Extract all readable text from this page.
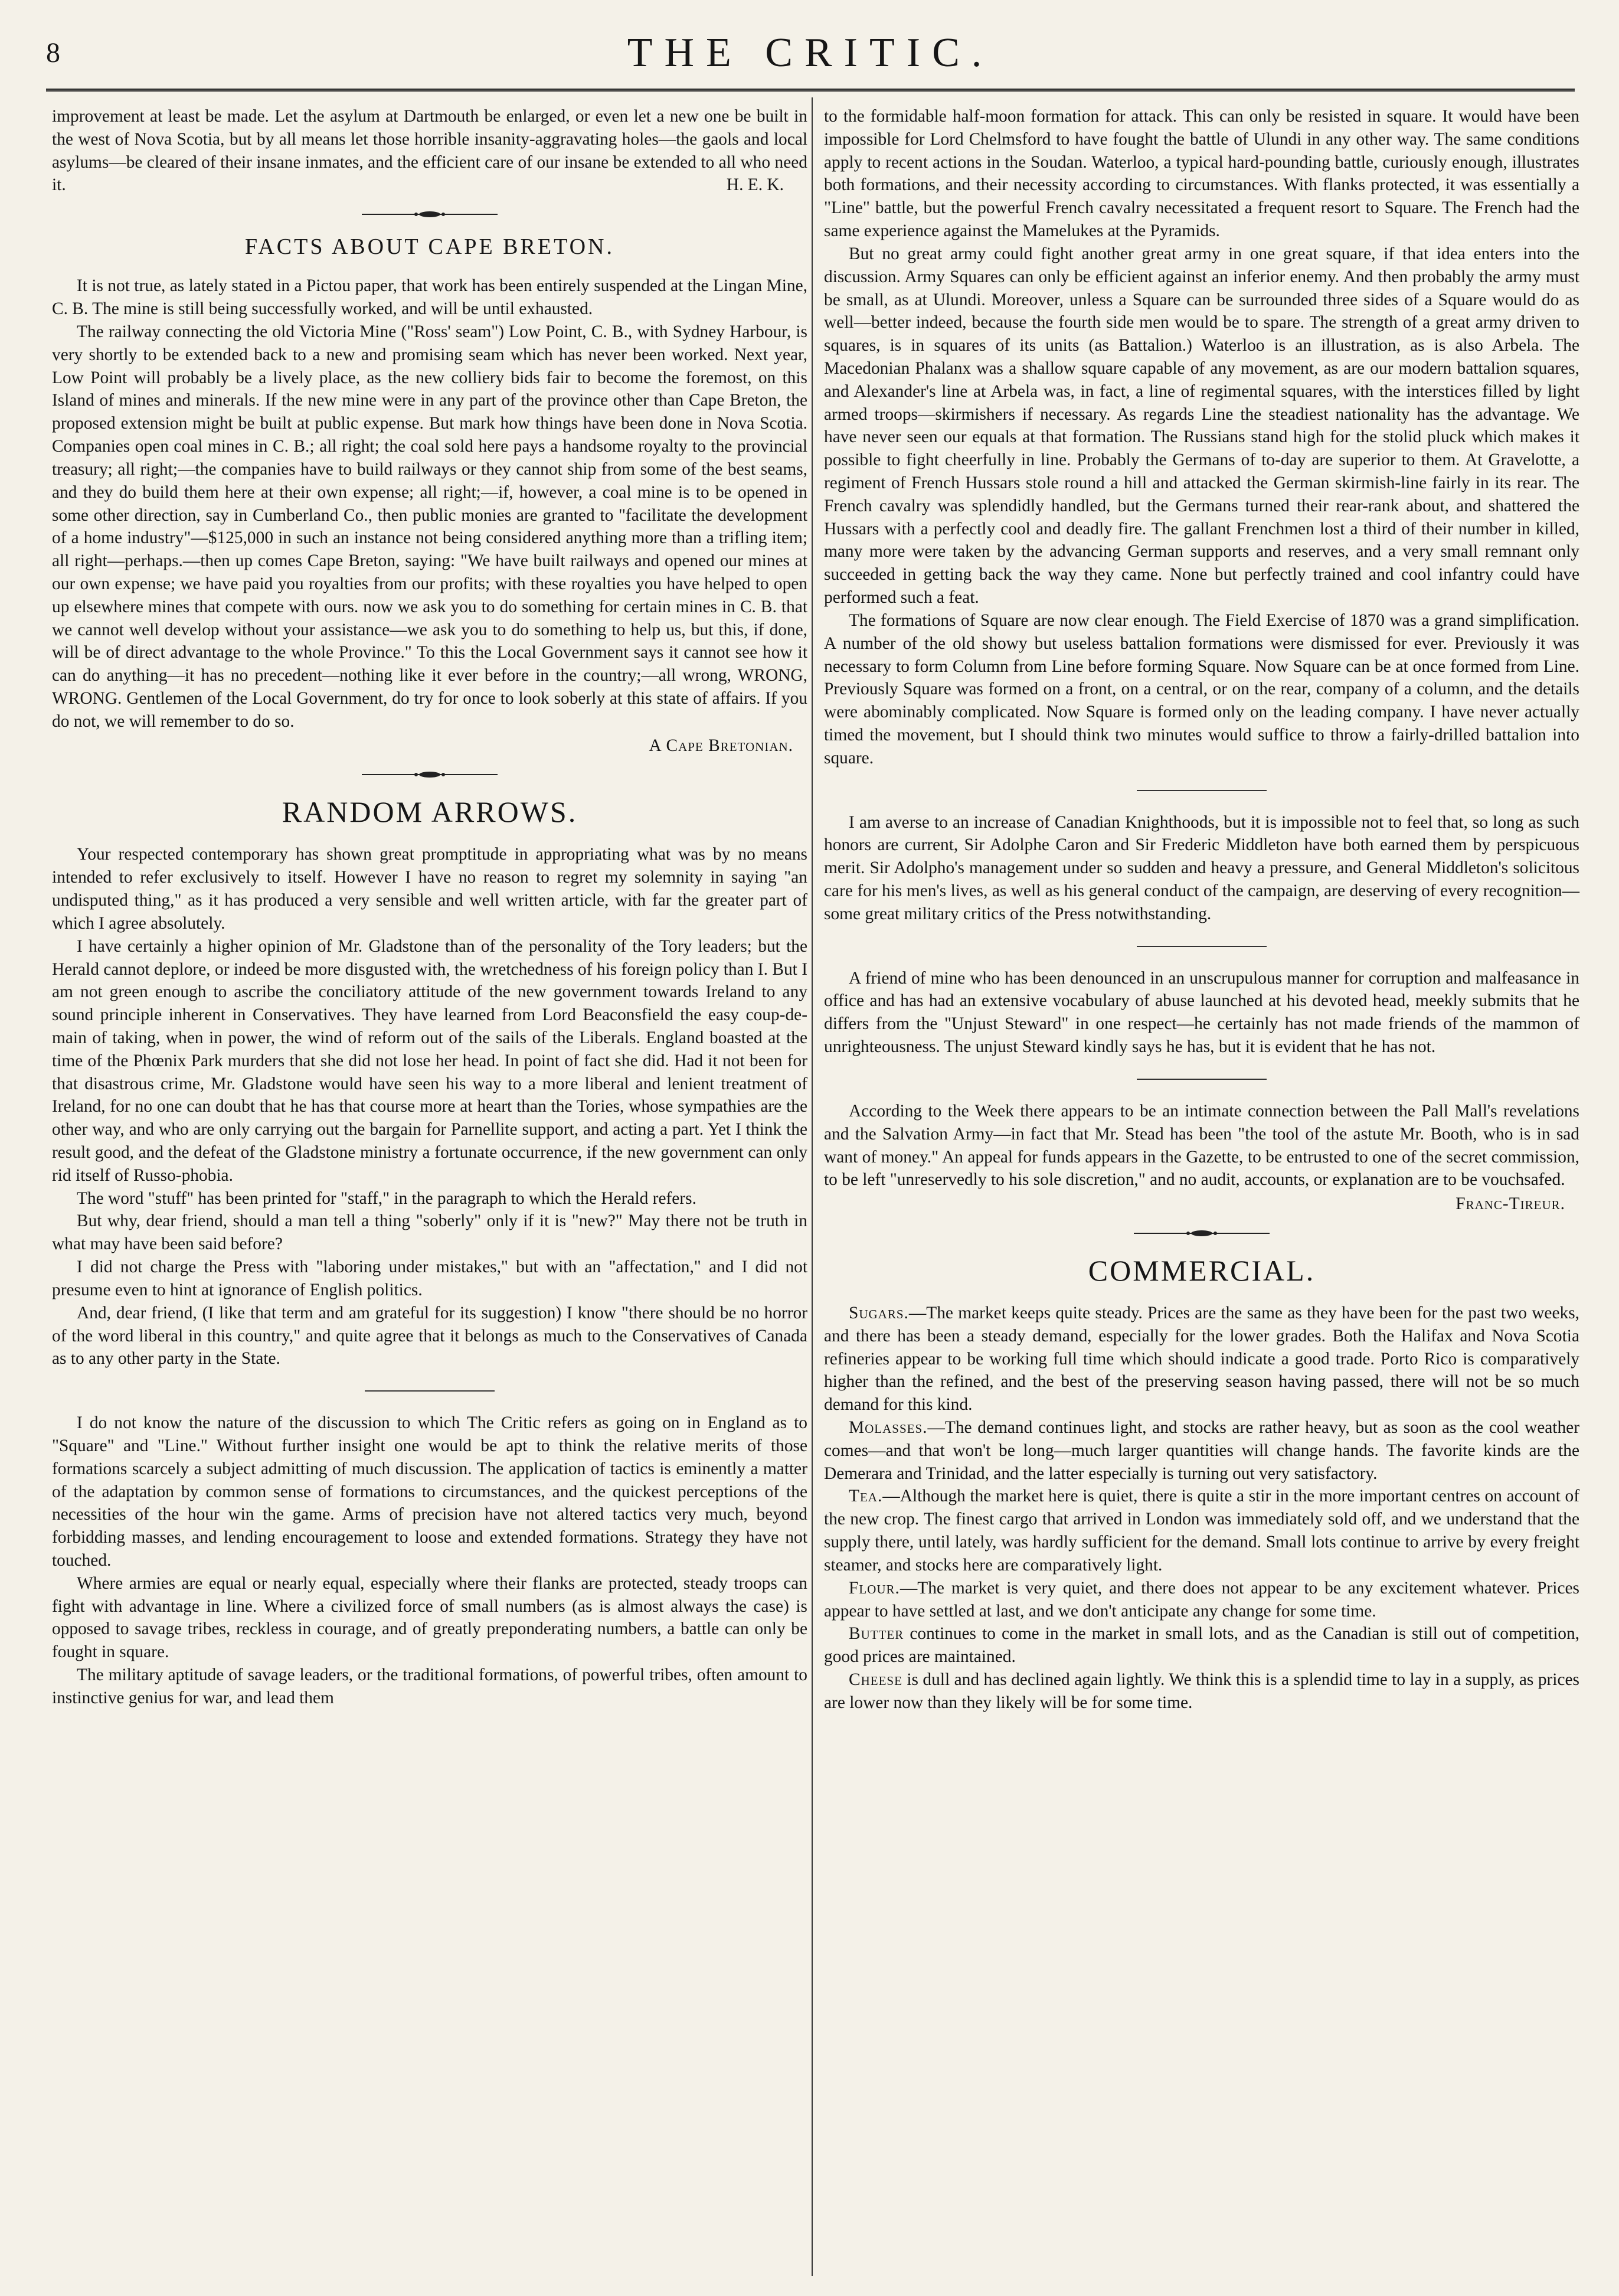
8	THE CRITIC.

improvement at least be made. Let the asylum at Dartmouth be enlarged, or even let a new one be built in the west of Nova Scotia, but by all means let those horrible insanity-aggravating holes—the gaols and local asylums—be cleared of their insane inmates, and the efficient care of our insane be extended to all who need it.	H. E. K.

FACTS ABOUT CAPE BRETON.

It is not true, as lately stated in a Pictou paper, that work has been entirely suspended at the Lingan Mine, C. B. The mine is still being successfully worked, and will be until exhausted.

The railway connecting the old Victoria Mine ("Ross' seam") Low Point, C. B., with Sydney Harbour, is very shortly to be extended back to a new and promising seam which has never been worked. Next year, Low Point will probably be a lively place, as the new colliery bids fair to become the foremost, on this Island of mines and minerals. If the new mine were in any part of the province other than Cape Breton, the proposed extension might be built at public expense. But mark how things have been done in Nova Scotia. Companies open coal mines in C. B.; all right; the coal sold here pays a handsome royalty to the provincial treasury; all right;—the companies have to build railways or they cannot ship from some of the best seams, and they do build them here at their own expense; all right;—if, however, a coal mine is to be opened in some other direction, say in Cumberland Co., then public monies are granted to "facilitate the development of a home industry"—$125,000 in such an instance not being considered anything more than a trifling item; all right—perhaps.—then up comes Cape Breton, saying: "We have built railways and opened our mines at our own expense; we have paid you royalties from our profits; with these royalties you have helped to open up elsewhere mines that compete with ours. now we ask you to do something for certain mines in C. B. that we cannot well develop without your assistance—we ask you to do something to help us, but this, if done, will be of direct advantage to the whole Province." To this the Local Government says it cannot see how it can do anything—it has no precedent—nothing like it ever before in the country;—all wrong, WRONG, WRONG. Gentlemen of the Local Government, do try for once to look soberly at this state of affairs. If you do not, we will remember to do so.

A Cape Bretonian.

RANDOM ARROWS.

Your respected contemporary has shown great promptitude in appropriating what was by no means intended to refer exclusively to itself. However I have no reason to regret my solemnity in saying "an undisputed thing," as it has produced a very sensible and well written article, with far the greater part of which I agree absolutely.

I have certainly a higher opinion of Mr. Gladstone than of the personality of the Tory leaders; but the Herald cannot deplore, or indeed be more disgusted with, the wretchedness of his foreign policy than I. But I am not green enough to ascribe the conciliatory attitude of the new government towards Ireland to any sound principle inherent in Conservatives. They have learned from Lord Beaconsfield the easy coup-de-main of taking, when in power, the wind of reform out of the sails of the Liberals. England boasted at the time of the Phœnix Park murders that she did not lose her head. In point of fact she did. Had it not been for that disastrous crime, Mr. Gladstone would have seen his way to a more liberal and lenient treatment of Ireland, for no one can doubt that he has that course more at heart than the Tories, whose sympathies are the other way, and who are only carrying out the bargain for Parnellite support, and acting a part. Yet I think the result good, and the defeat of the Gladstone ministry a fortunate occurrence, if the new government can only rid itself of Russo-phobia.

The word "stuff" has been printed for "staff," in the paragraph to which the Herald refers.

But why, dear friend, should a man tell a thing "soberly" only if it is "new?" May there not be truth in what may have been said before?

I did not charge the Press with "laboring under mistakes," but with an "affectation," and I did not presume even to hint at ignorance of English politics.

And, dear friend, (I like that term and am grateful for its suggestion) I know "there should be no horror of the word liberal in this country," and quite agree that it belongs as much to the Conservatives of Canada as to any other party in the State.

I do not know the nature of the discussion to which The Critic refers as going on in England as to "Square" and "Line." Without further insight one would be apt to think the relative merits of those formations scarcely a subject admitting of much discussion. The application of tactics is eminently a matter of the adaptation by common sense of formations to circumstances, and the quickest perceptions of the necessities of the hour win the game. Arms of precision have not altered tactics very much, beyond forbidding masses, and lending encouragement to loose and extended formations. Strategy they have not touched.

Where armies are equal or nearly equal, especially where their flanks are protected, steady troops can fight with advantage in line. Where a civilized force of small numbers (as is almost always the case) is opposed to savage tribes, reckless in courage, and of greatly preponderating numbers, a battle can only be fought in square.

The military aptitude of savage leaders, or the traditional formations, of powerful tribes, often amount to instinctive genius for war, and lead them

to the formidable half-moon formation for attack. This can only be resisted in square. It would have been impossible for Lord Chelmsford to have fought the battle of Ulundi in any other way. The same conditions apply to recent actions in the Soudan. Waterloo, a typical hard-pounding battle, curiously enough, illustrates both formations, and their necessity according to circumstances. With flanks protected, it was essentially a "Line" battle, but the powerful French cavalry necessitated a frequent resort to Square. The French had the same experience against the Mamelukes at the Pyramids.

But no great army could fight another great army in one great square, if that idea enters into the discussion. Army Squares can only be efficient against an inferior enemy. And then probably the army must be small, as at Ulundi. Moreover, unless a Square can be surrounded three sides of a Square would do as well—better indeed, because the fourth side men would be to spare. The strength of a great army driven to squares, is in squares of its units (as Battalion.) Waterloo is an illustration, as is also Arbela. The Macedonian Phalanx was a shallow square capable of any movement, as are our modern battalion squares, and Alexander's line at Arbela was, in fact, a line of regimental squares, with the interstices filled by light armed troops—skirmishers if necessary. As regards Line the steadiest nationality has the advantage. We have never seen our equals at that formation. The Russians stand high for the stolid pluck which makes it possible to fight cheerfully in line. Probably the Germans of to-day are superior to them. At Gravelotte, a regiment of French Hussars stole round a hill and attacked the German skirmish-line fairly in its rear. The French cavalry was splendidly handled, but the Germans turned their rear-rank about, and shattered the Hussars with a perfectly cool and deadly fire. The gallant Frenchmen lost a third of their number in killed, many more were taken by the advancing German supports and reserves, and a very small remnant only succeeded in getting back the way they came. None but perfectly trained and cool infantry could have performed such a feat.

The formations of Square are now clear enough. The Field Exercise of 1870 was a grand simplification. A number of the old showy but useless battalion formations were dismissed for ever. Previously it was necessary to form Column from Line before forming Square. Now Square can be at once formed from Line. Previously Square was formed on a front, on a central, or on the rear, company of a column, and the details were abominably complicated. Now Square is formed only on the leading company. I have never actually timed the movement, but I should think two minutes would suffice to throw a fairly-drilled battalion into square.

I am averse to an increase of Canadian Knighthoods, but it is impossible not to feel that, so long as such honors are current, Sir Adolphe Caron and Sir Frederic Middleton have both earned them by perspicuous merit. Sir Adolpho's management under so sudden and heavy a pressure, and General Middleton's solicitous care for his men's lives, as well as his general conduct of the campaign, are deserving of every recognition—some great military critics of the Press notwithstanding.

A friend of mine who has been denounced in an unscrupulous manner for corruption and malfeasance in office and has had an extensive vocabulary of abuse launched at his devoted head, meekly submits that he differs from the "Unjust Steward" in one respect—he certainly has not made friends of the mammon of unrighteousness. The unjust Steward kindly says he has, but it is evident that he has not.

According to the Week there appears to be an intimate connection between the Pall Mall's revelations and the Salvation Army—in fact that Mr. Stead has been "the tool of the astute Mr. Booth, who is in sad want of money." An appeal for funds appears in the Gazette, to be entrusted to one of the secret commission, to be left "unreservedly to his sole discretion," and no audit, accounts, or explanation are to be vouchsafed.

Franc-Tireur.

COMMERCIAL.

Sugars.—The market keeps quite steady. Prices are the same as they have been for the past two weeks, and there has been a steady demand, especially for the lower grades. Both the Halifax and Nova Scotia refineries appear to be working full time which should indicate a good trade. Porto Rico is comparatively higher than the refined, and the best of the preserving season having passed, there will not be so much demand for this kind.

Molasses.—The demand continues light, and stocks are rather heavy, but as soon as the cool weather comes—and that won't be long—much larger quantities will change hands. The favorite kinds are the Demerara and Trinidad, and the latter especially is turning out very satisfactory.

Tea.—Although the market here is quiet, there is quite a stir in the more important centres on account of the new crop. The finest cargo that arrived in London was immediately sold off, and we understand that the supply there, until lately, was hardly sufficient for the demand. Small lots continue to arrive by every freight steamer, and stocks here are comparatively light.

Flour.—The market is very quiet, and there does not appear to be any excitement whatever. Prices appear to have settled at last, and we don't anticipate any change for some time.

Butter continues to come in the market in small lots, and as the Canadian is still out of competition, good prices are maintained.

Cheese is dull and has declined again lightly. We think this is a splendid time to lay in a supply, as prices are lower now than they likely will be for some time.
